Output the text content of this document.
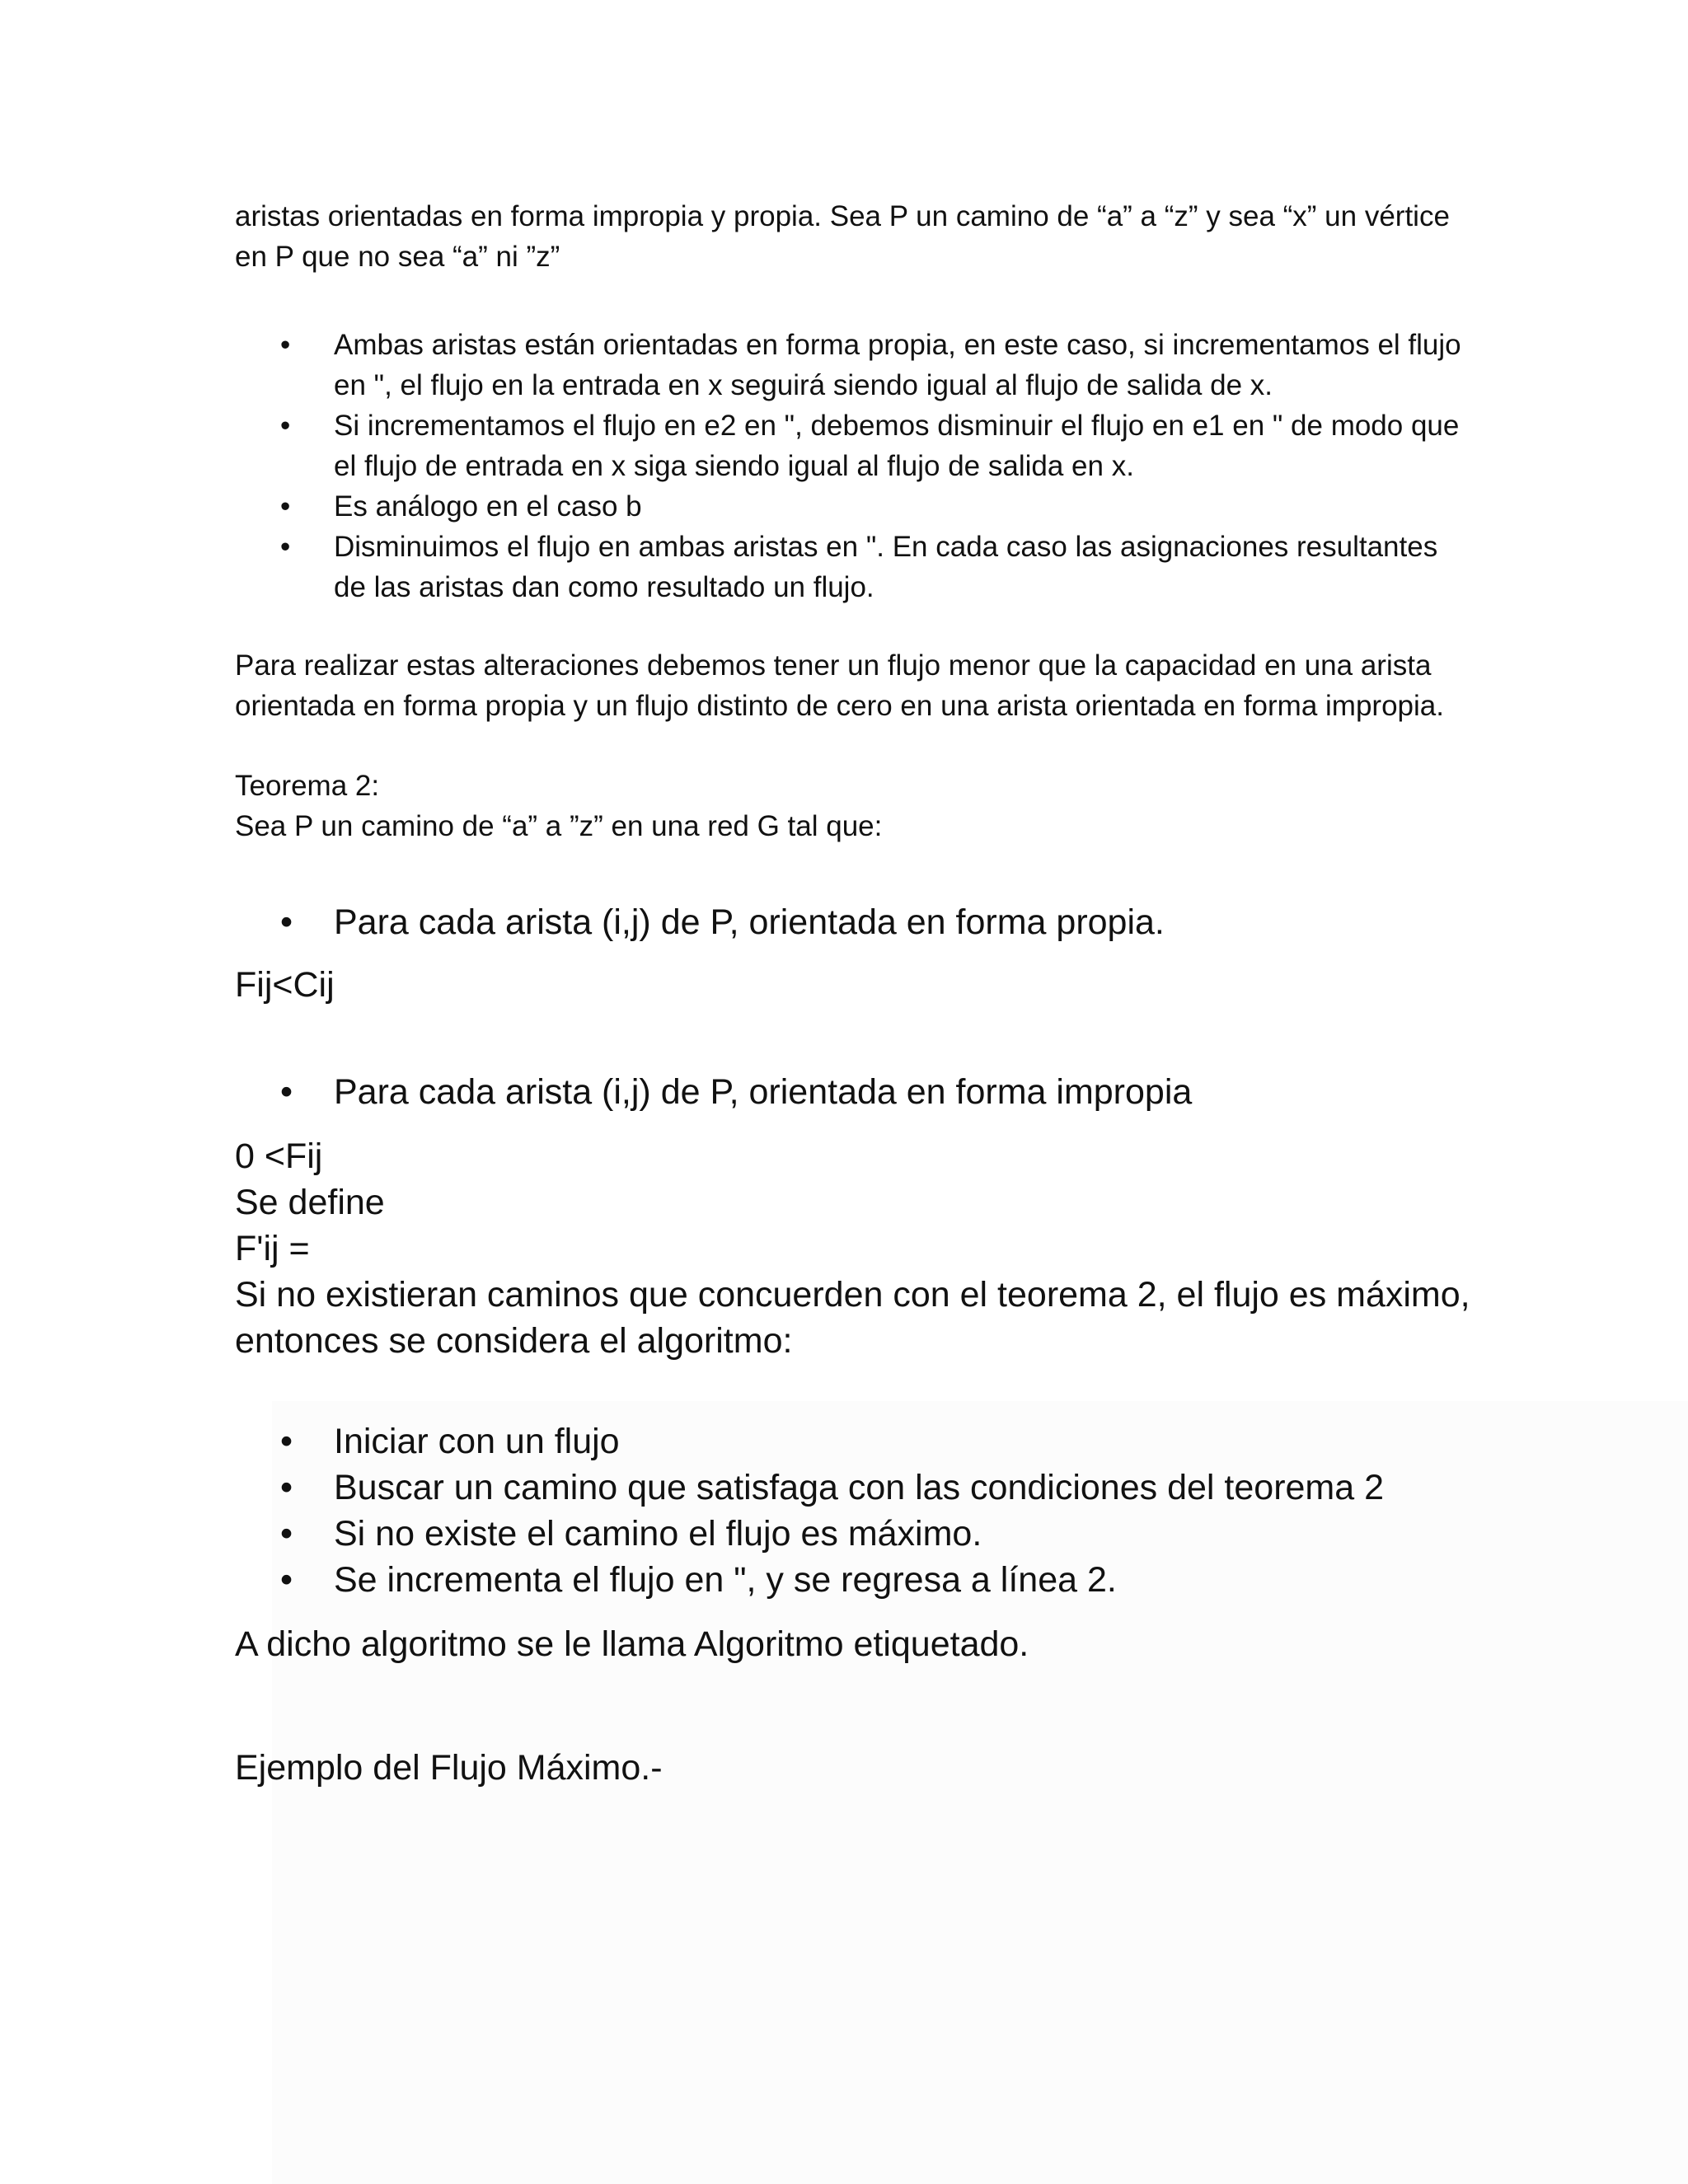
aristas orientadas en forma impropia y propia. Sea P un camino de “a” a “z” y sea “x” un vértice en P que no sea “a” ni ”z”

•
Ambas aristas están orientadas en forma propia, en este caso, si incrementamos el flujo en ", el flujo en la entrada en x seguirá siendo igual al flujo de salida de x.
•
Si incrementamos el flujo en e2 en ", debemos disminuir el flujo en e1 en " de modo que el flujo de entrada en x siga siendo igual al flujo de salida en x.
•
Es análogo en el caso b
•
Disminuimos el flujo en ambas aristas en ". En cada caso las asignaciones resultantes de las aristas dan como resultado un flujo.

Para realizar estas alteraciones debemos tener un flujo menor que la capacidad en una arista orientada en forma propia y un flujo distinto de cero en una arista orientada en forma impropia.

Teorema 2:

Sea P un camino de “a” a ”z” en una red G tal que:

•
Para cada arista (i,j) de P, orientada en forma propia.

Fij<Cij

•
Para cada arista (i,j) de P, orientada en forma impropia

0 <Fij

Se define

F'ij =

Si no existieran caminos que concuerden con el teorema 2, el flujo es máximo, entonces se considera el algoritmo:

•
Iniciar con un flujo
•
Buscar un camino que satisfaga con las condiciones del teorema 2
•
Si no existe el camino el flujo es máximo.
•
Se incrementa el flujo en ", y se regresa a línea 2.

A dicho algoritmo se le llama Algoritmo etiquetado.

Ejemplo del Flujo Máximo.-
